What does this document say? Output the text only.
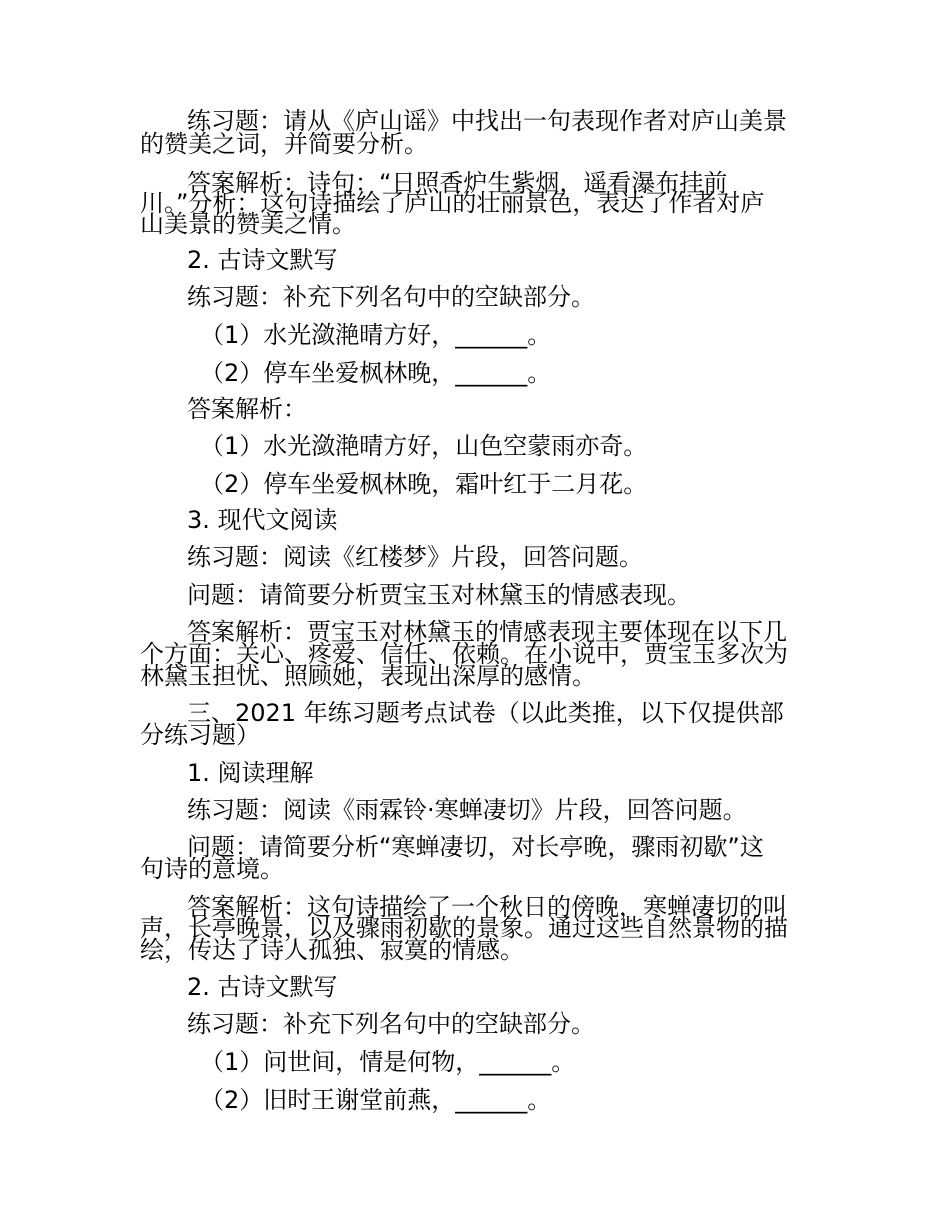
练习题：请从《庐山谣》中找出一句表现作者对庐山美景
的赞美之词，并简要分析。
答案解析：诗句：“日照香炉生紫烟，遥看瀑布挂前
川。”分析：这句诗描绘了庐山的壮丽景色，表达了作者对庐
山美景的赞美之情。
2. 古诗文默写
练习题：补充下列名句中的空缺部分。
（1）水光潋滟晴方好，______。
（2）停车坐爱枫林晚，______。
答案解析：
（1）水光潋滟晴方好，山色空蒙雨亦奇。
（2）停车坐爱枫林晚，霜叶红于二月花。
3. 现代文阅读
练习题：阅读《红楼梦》片段，回答问题。
问题：请简要分析贾宝玉对林黛玉的情感表现。
答案解析：贾宝玉对林黛玉的情感表现主要体现在以下几
个方面：关心、疼爱、信任、依赖。在小说中，贾宝玉多次为
林黛玉担忧、照顾她，表现出深厚的感情。
三、2021 年练习题考点试卷（以此类推，以下仅提供部
分练习题）
1. 阅读理解
练习题：阅读《雨霖铃·寒蝉凄切》片段，回答问题。
问题：请简要分析“寒蝉凄切，对长亭晚，骤雨初歇”这
句诗的意境。
答案解析：这句诗描绘了一个秋日的傍晚，寒蝉凄切的叫
声，长亭晚景，以及骤雨初歇的景象。通过这些自然景物的描
绘，传达了诗人孤独、寂寞的情感。
2. 古诗文默写
练习题：补充下列名句中的空缺部分。
（1）问世间，情是何物，______。
（2）旧时王谢堂前燕，______。
